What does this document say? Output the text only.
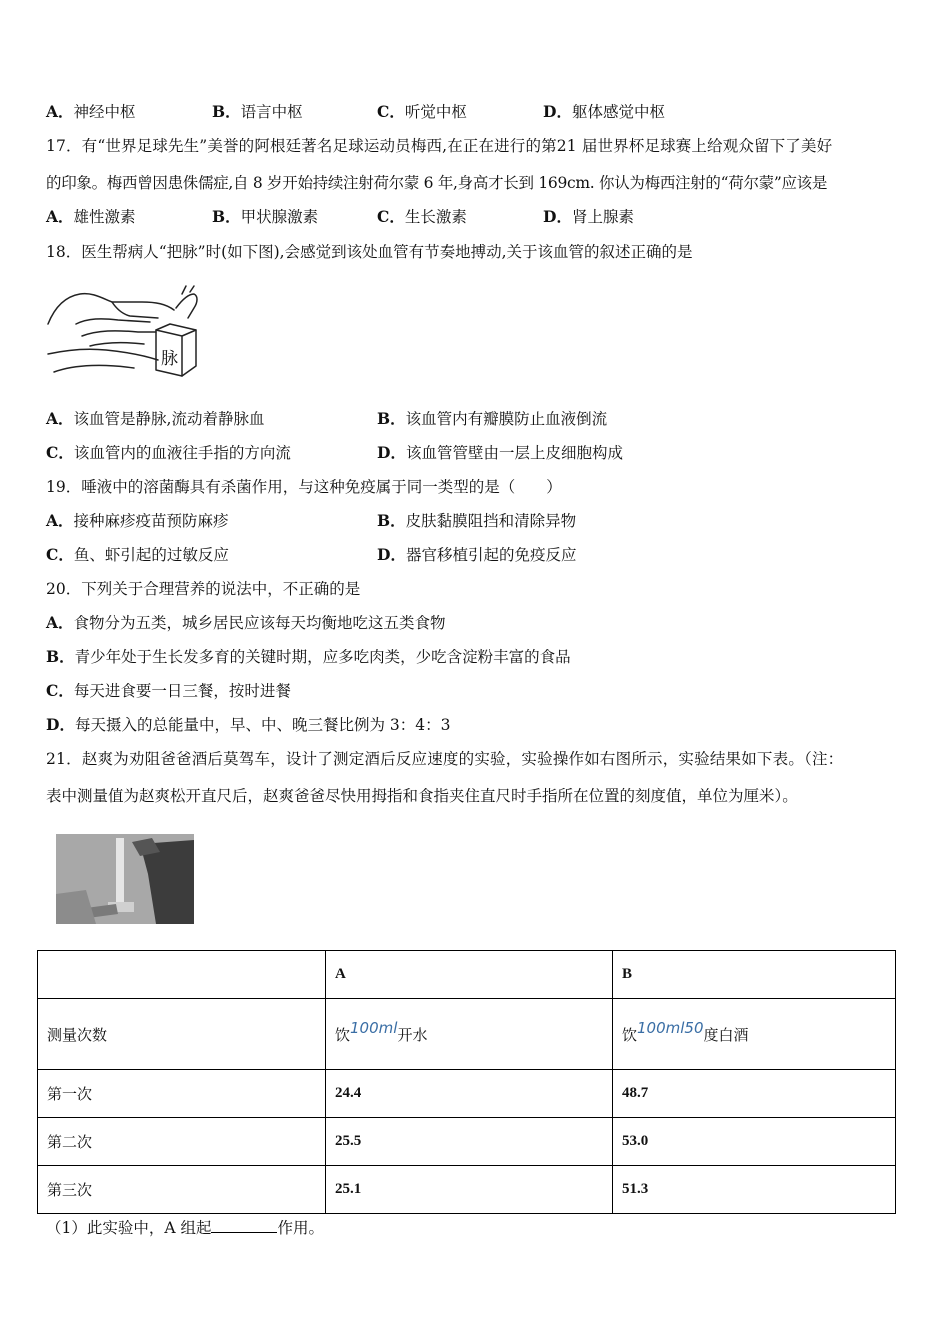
A．神经中枢	B．语言中枢	C．听觉中枢	D．躯体感觉中枢
17．有“世界足球先生”美誉的阿根廷著名足球运动员梅西,在正在进行的第21 届世界杯足球赛上给观众留下了美好
的印象。梅西曾因患侏儒症,自 8 岁开始持续注射荷尔蒙 6 年,身高才长到 169cm. 你认为梅西注射的“荷尔蒙”应该是
A．雄性激素	B．甲状腺激素	C．生长激素	D．肾上腺素
18．医生帮病人“把脉”时(如下图),会感觉到该处血管有节奏地搏动,关于该血管的叙述正确的是
脉
A．该血管是静脉,流动着静脉血	B．该血管内有瓣膜防止血液倒流
C．该血管内的血液往手指的方向流	D．该血管管壁由一层上皮细胞构成
19．唾液中的溶菌酶具有杀菌作用，与这种免疫属于同一类型的是（　　）
A．接种麻疹疫苗预防麻疹	B．皮肤黏膜阻挡和清除异物
C．鱼、虾引起的过敏反应	D．器官移植引起的免疫反应
20．下列关于合理营养的说法中，不正确的是
A．食物分为五类，城乡居民应该每天均衡地吃这五类食物
B．青少年处于生长发多育的关键时期，应多吃肉类，少吃含淀粉丰富的食品
C．每天进食要一日三餐，按时进餐
D．每天摄入的总能量中，早、中、晚三餐比例为 3：4：3
21．赵爽为劝阻爸爸酒后莫驾车，设计了测定酒后反应速度的实验，实验操作如右图所示，实验结果如下表。（注：
表中测量值为赵爽松开直尺后，赵爽爸爸尽快用拇指和食指夹住直尺时手指所在位置的刻度值，单位为厘米）。
	A	B
测量次数	饮100ml开水	饮100ml50度白酒
第一次	24.4	48.7
第二次	25.5	53.0
第三次	25.1	51.3
（1）此实验中，A 组起	作用。
